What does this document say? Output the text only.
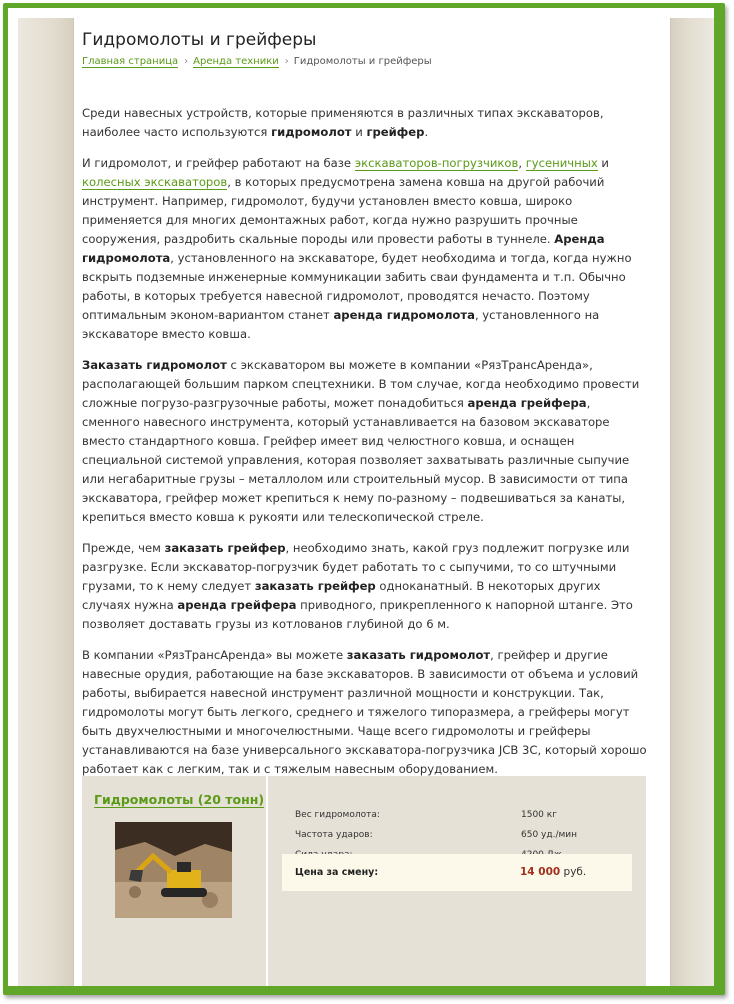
Гидромолоты и грейферы
Главная страница › Аренда техники › Гидромолоты и грейферы

Среди навесных устройств, которые применяются в различных типах экскаваторов, наиболее часто используются гидромолот и грейфер.

И гидромолот, и грейфер работают на базе экскаваторов-погрузчиков, гусеничных и колесных экскаваторов, в которых предусмотрена замена ковша на другой рабочий инструмент. Например, гидромолот, будучи установлен вместо ковша, широко применяется для многих демонтажных работ, когда нужно разрушить прочные сооружения, раздробить скальные породы или провести работы в туннеле. Аренда гидромолота, установленного на экскаваторе, будет необходима и тогда, когда нужно вскрыть подземные инженерные коммуникации забить сваи фундамента и т.п. Обычно работы, в которых требуется навесной гидромолот, проводятся нечасто. Поэтому оптимальным эконом-вариантом станет аренда гидромолота, установленного на экскаваторе вместо ковша.

Заказать гидромолот с экскаватором вы можете в компании «РязТрансАренда», располагающей большим парком спецтехники. В том случае, когда необходимо провести сложные погрузо-разгрузочные работы, может понадобиться аренда грейфера, сменного навесного инструмента, который устанавливается на базовом экскаваторе вместо стандартного ковша. Грейфер имеет вид челюстного ковша, и оснащен специальной системой управления, которая позволяет захватывать различные сыпучие или негабаритные грузы – металлолом или строительный мусор. В зависимости от типа экскаватора, грейфер может крепиться к нему по-разному – подвешиваться за канаты, крепиться вместо ковша к рукояти или телескопической стреле.

Прежде, чем заказать грейфер, необходимо знать, какой груз подлежит погрузке или разгрузке. Если экскаватор-погрузчик будет работать то с сыпучими, то со штучными грузами, то к нему следует заказать грейфер одноканатный. В некоторых других случаях нужна аренда грейфера приводного, прикрепленного к напорной штанге. Это позволяет доставать грузы из котлованов глубиной до 6 м.

В компании «РязТрансАренда» вы можете заказать гидромолот, грейфер и другие навесные орудия, работающие на базе экскаваторов. В зависимости от объема и условий работы, выбирается навесной инструмент различной мощности и конструкции. Так, гидромолоты могут быть легкого, среднего и тяжелого типоразмера, а грейферы могут быть двухчелюстными и многочелюстными. Чаще всего гидромолоты и грейферы устанавливаются на базе универсального экскаватора-погрузчика JCB 3C, который хорошо работает как с легким, так и с тяжелым навесным оборудованием.

Гидромолоты (20 тонн)
Вес гидромолота:	1500 кг
Частота ударов:	650 уд./мин
Цена за смену:	14 000 руб.
